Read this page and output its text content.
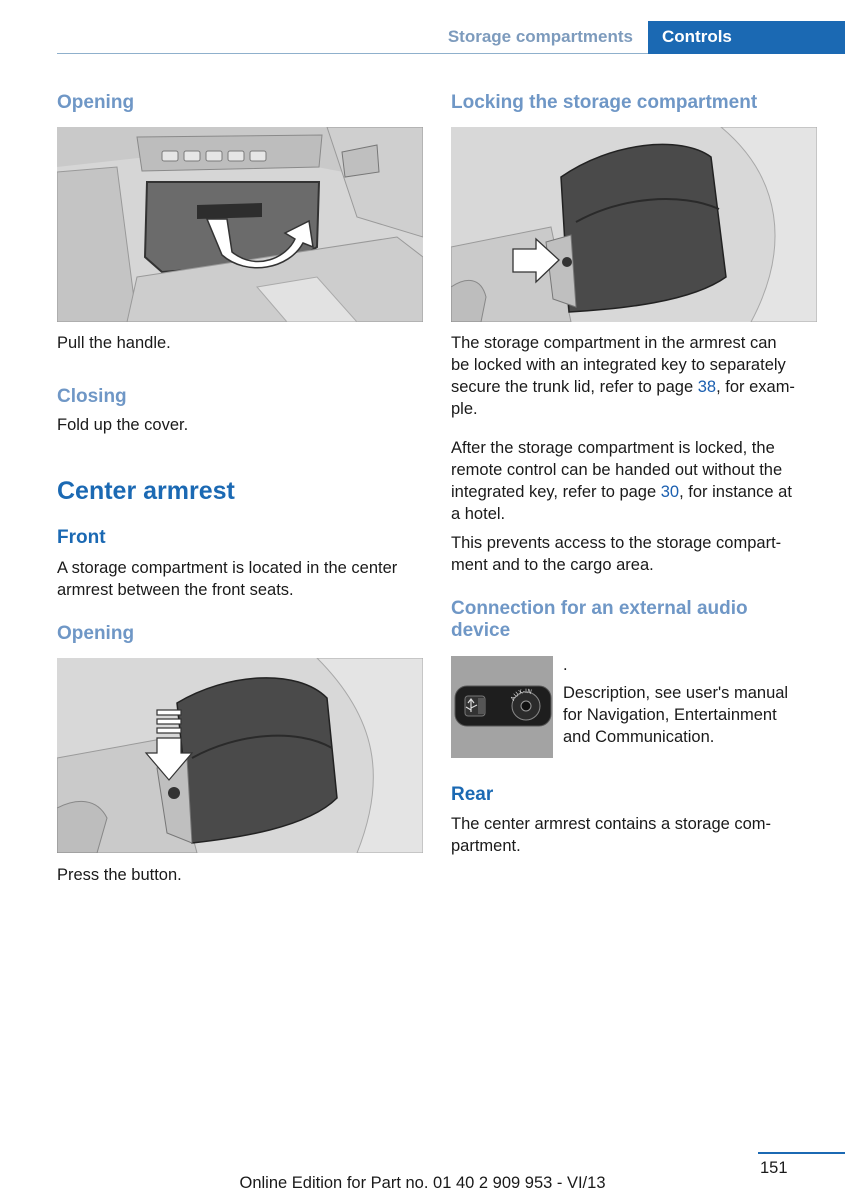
Storage compartments Controls
Opening
Pull the handle.
Closing
Fold up the cover.
Center armrest
Front
A storage compartment is located in the center
armrest between the front seats.
Opening
Press the button.
Locking the storage compartment
The storage compartment in the armrest can
be locked with an integrated key to separately
secure the trunk lid, refer to page 38, for exam-
ple.
After the storage compartment is locked, the
remote control can be handed out without the
integrated key, refer to page 30, for instance at
a hotel.
This prevents access to the storage compart-
ment and to the cargo area.
Connection for an external audio
device
AUX-IN
.
Description, see user's manual
for Navigation, Entertainment
and Communication.
Rear
The center armrest contains a storage com-
partment.
151
Online Edition for Part no. 01 40 2 909 953 - VI/13
